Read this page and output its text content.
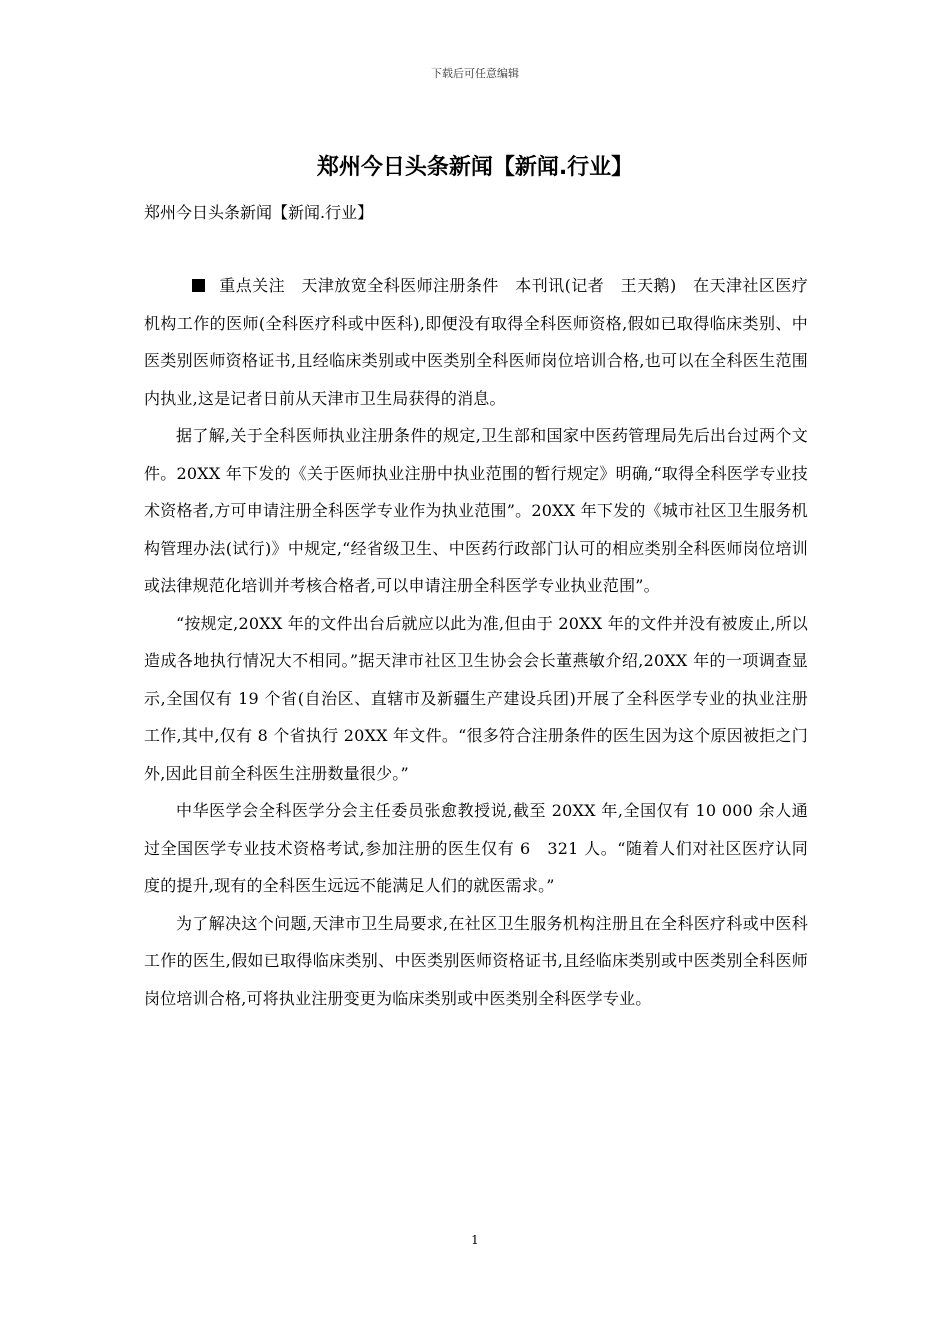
下载后可任意编辑
郑州今日头条新闻【新闻.行业】
郑州今日头条新闻【新闻.行业】

重点关注　天津放宽全科医师注册条件　本刊讯(记者　王天鹅)　在天津社区医疗机构工作的医师(全科医疗科或中医科),即便没有取得全科医师资格,假如已取得临床类别、中医类别医师资格证书,且经临床类别或中医类别全科医师岗位培训合格,也可以在全科医生范围内执业,这是记者日前从天津市卫生局获得的消息。

据了解,关于全科医师执业注册条件的规定,卫生部和国家中医药管理局先后出台过两个文件。20XX 年下发的《关于医师执业注册中执业范围的暂行规定》明确,“取得全科医学专业技术资格者,方可申请注册全科医学专业作为执业范围”。20XX 年下发的《城市社区卫生服务机构管理办法(试行)》中规定,“经省级卫生、中医药行政部门认可的相应类别全科医师岗位培训或法律规范化培训并考核合格者,可以申请注册全科医学专业执业范围”。

“按规定,20XX 年的文件出台后就应以此为准,但由于 20XX 年的文件并没有被废止,所以造成各地执行情况大不相同。”据天津市社区卫生协会会长董燕敏介绍,20XX 年的一项调查显示,全国仅有 19 个省(自治区、直辖市及新疆生产建设兵团)开展了全科医学专业的执业注册工作,其中,仅有 8 个省执行 20XX 年文件。“很多符合注册条件的医生因为这个原因被拒之门外,因此目前全科医生注册数量很少。”

中华医学会全科医学分会主任委员张愈教授说,截至 20XX 年,全国仅有 10 000 余人通过全国医学专业技术资格考试,参加注册的医生仅有 6　321 人。“随着人们对社区医疗认同度的提升,现有的全科医生远远不能满足人们的就医需求。”

为了解决这个问题,天津市卫生局要求,在社区卫生服务机构注册且在全科医疗科或中医科工作的医生,假如已取得临床类别、中医类别医师资格证书,且经临床类别或中医类别全科医师岗位培训合格,可将执业注册变更为临床类别或中医类别全科医学专业。

1
